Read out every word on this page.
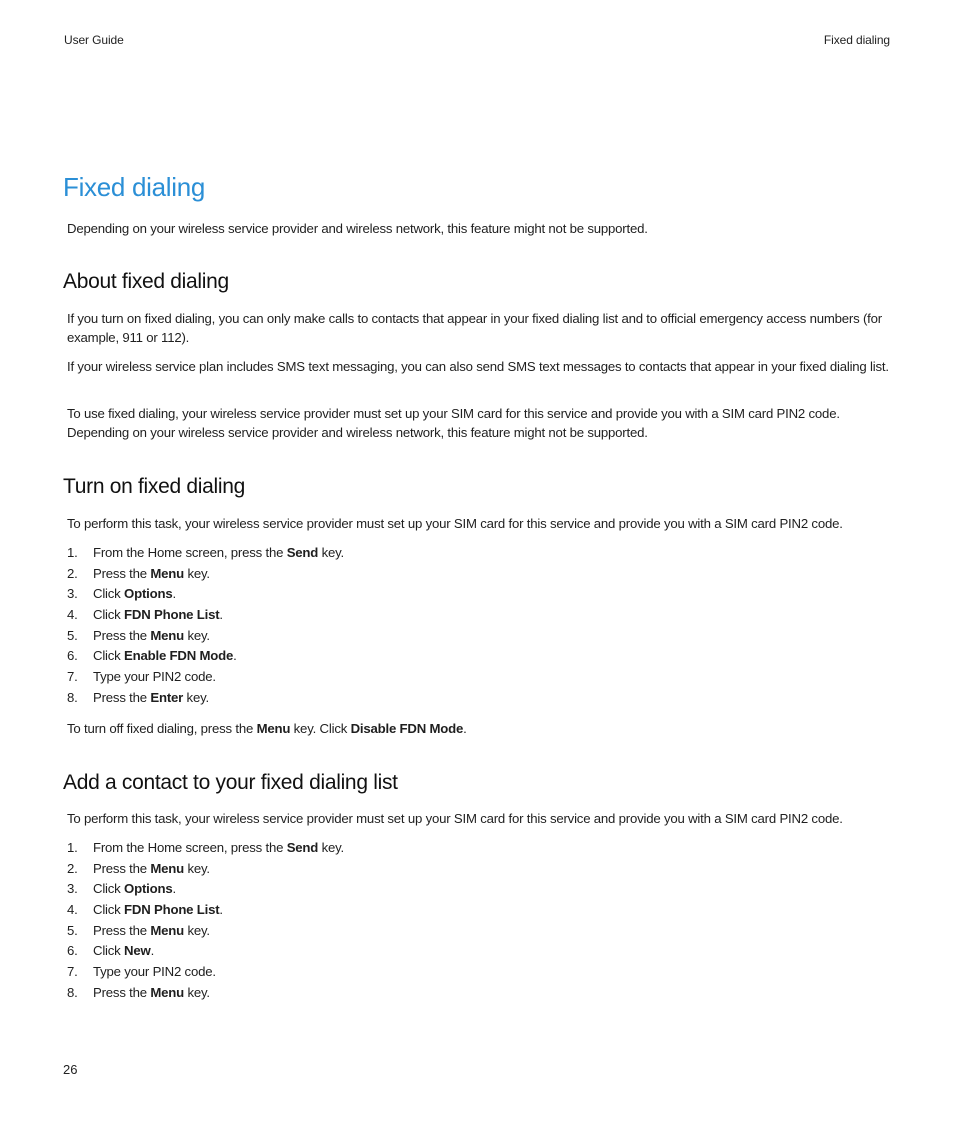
User Guide	Fixed dialing
Fixed dialing

Depending on your wireless service provider and wireless network, this feature might not be supported.

About fixed dialing

If you turn on fixed dialing, you can only make calls to contacts that appear in your fixed dialing list and to official emergency access numbers (for example, 911 or 112).

If your wireless service plan includes SMS text messaging, you can also send SMS text messages to contacts that appear in your fixed dialing list.

To use fixed dialing, your wireless service provider must set up your SIM card for this service and provide you with a SIM card PIN2 code. Depending on your wireless service provider and wireless network, this feature might not be supported.

Turn on fixed dialing

To perform this task, your wireless service provider must set up your SIM card for this service and provide you with a SIM card PIN2 code.

1. From the Home screen, press the Send key.
2. Press the Menu key.
3. Click Options.
4. Click FDN Phone List.
5. Press the Menu key.
6. Click Enable FDN Mode.
7. Type your PIN2 code.
8. Press the Enter key.

To turn off fixed dialing, press the Menu key. Click Disable FDN Mode.

Add a contact to your fixed dialing list

To perform this task, your wireless service provider must set up your SIM card for this service and provide you with a SIM card PIN2 code.

1. From the Home screen, press the Send key.
2. Press the Menu key.
3. Click Options.
4. Click FDN Phone List.
5. Press the Menu key.
6. Click New.
7. Type your PIN2 code.
8. Press the Menu key.
26
